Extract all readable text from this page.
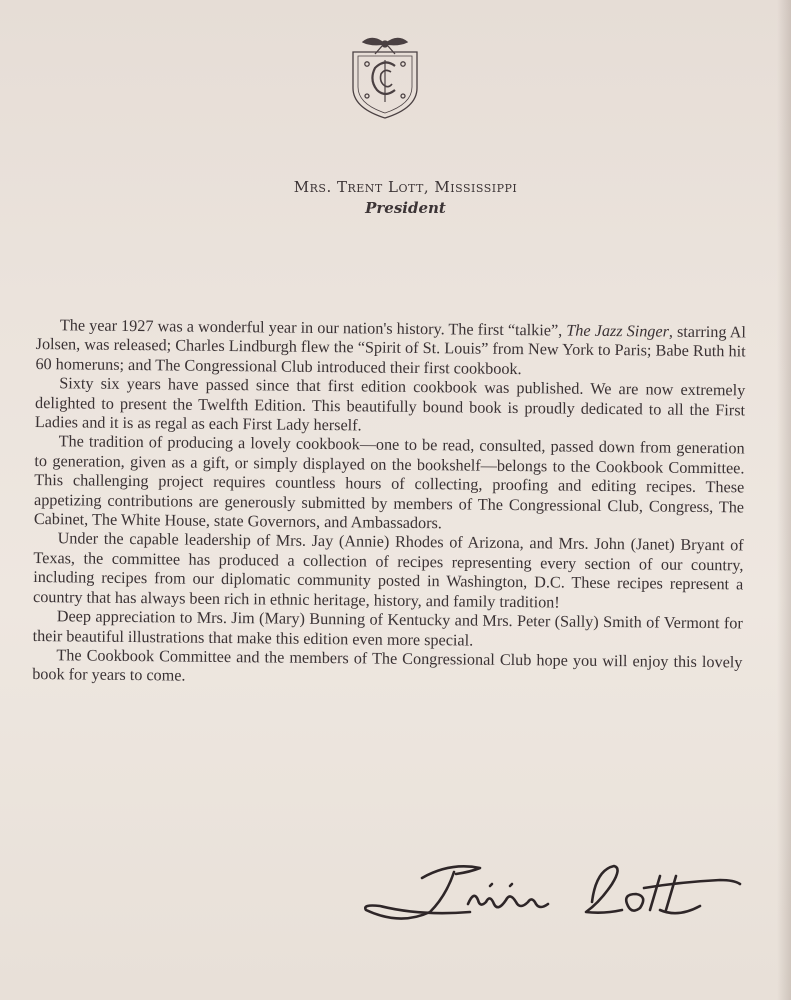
Mrs. Trent Lott, Mississippi
President

The year 1927 was a wonderful year in our nation's history. The first “talkie”, The Jazz Singer, starring Al Jolsen, was released; Charles Lindburgh flew the “Spirit of St. Louis” from New York to Paris; Babe Ruth hit 60 homeruns; and The Congressional Club introduced their first cookbook.

Sixty six years have passed since that first edition cookbook was published. We are now extremely delighted to present the Twelfth Edition. This beautifully bound book is proudly dedicated to all the First Ladies and it is as regal as each First Lady herself.

The tradition of producing a lovely cookbook—one to be read, consulted, passed down from generation to generation, given as a gift, or simply displayed on the bookshelf—belongs to the Cookbook Committee. This challenging project requires countless hours of collecting, proofing and editing recipes. These appetizing contributions are generously submitted by members of The Congressional Club, Congress, The Cabinet, The White House, state Governors, and Ambassadors.

Under the capable leadership of Mrs. Jay (Annie) Rhodes of Arizona, and Mrs. John (Janet) Bryant of Texas, the committee has produced a collection of recipes representing every section of our country, including recipes from our diplomatic community posted in Washington, D.C. These recipes represent a country that has always been rich in ethnic heritage, history, and family tradition!

Deep appreciation to Mrs. Jim (Mary) Bunning of Kentucky and Mrs. Peter (Sally) Smith of Vermont for their beautiful illustrations that make this edition even more special.

The Cookbook Committee and the members of The Congressional Club hope you will enjoy this lovely book for years to come.
